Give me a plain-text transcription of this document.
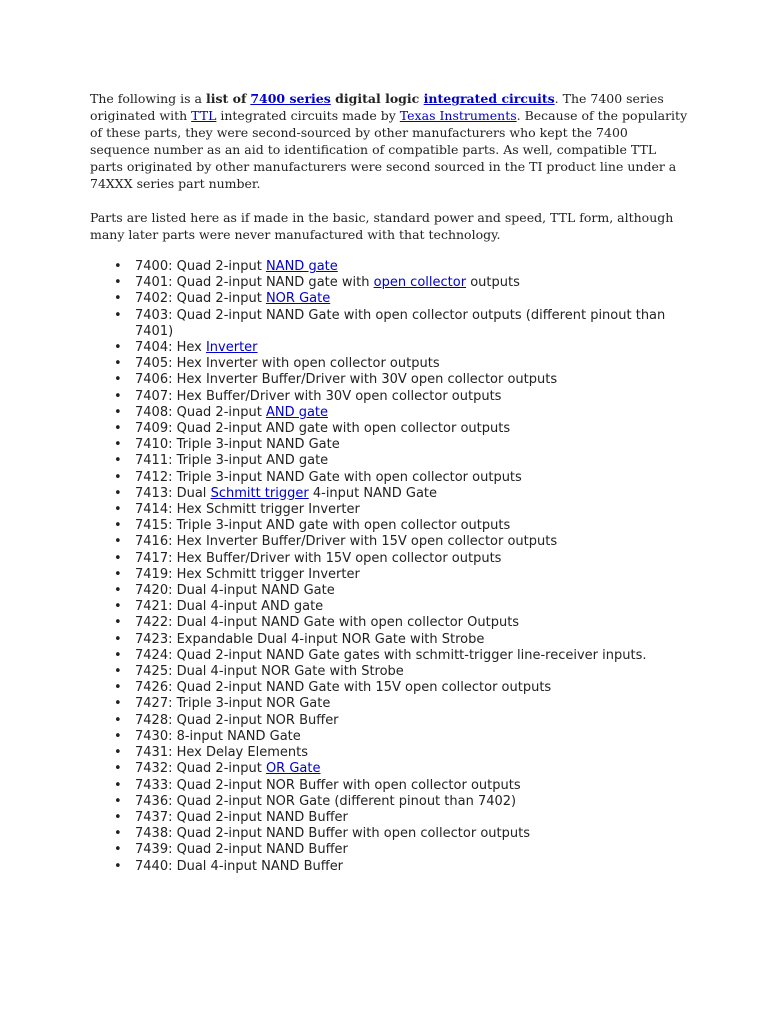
The following is a list of 7400 series digital logic integrated circuits. The 7400 series originated with TTL integrated circuits made by Texas Instruments. Because of the popularity of these parts, they were second-sourced by other manufacturers who kept the 7400 sequence number as an aid to identification of compatible parts. As well, compatible TTL parts originated by other manufacturers were second sourced in the TI product line under a 74XXX series part number.

Parts are listed here as if made in the basic, standard power and speed, TTL form, although many later parts were never manufactured with that technology.

• 7400: Quad 2-input NAND gate
• 7401: Quad 2-input NAND gate with open collector outputs
• 7402: Quad 2-input NOR Gate
• 7403: Quad 2-input NAND Gate with open collector outputs (different pinout than 7401)
• 7404: Hex Inverter
• 7405: Hex Inverter with open collector outputs
• 7406: Hex Inverter Buffer/Driver with 30V open collector outputs
• 7407: Hex Buffer/Driver with 30V open collector outputs
• 7408: Quad 2-input AND gate
• 7409: Quad 2-input AND gate with open collector outputs
• 7410: Triple 3-input NAND Gate
• 7411: Triple 3-input AND gate
• 7412: Triple 3-input NAND Gate with open collector outputs
• 7413: Dual Schmitt trigger 4-input NAND Gate
• 7414: Hex Schmitt trigger Inverter
• 7415: Triple 3-input AND gate with open collector outputs
• 7416: Hex Inverter Buffer/Driver with 15V open collector outputs
• 7417: Hex Buffer/Driver with 15V open collector outputs
• 7419: Hex Schmitt trigger Inverter
• 7420: Dual 4-input NAND Gate
• 7421: Dual 4-input AND gate
• 7422: Dual 4-input NAND Gate with open collector Outputs
• 7423: Expandable Dual 4-input NOR Gate with Strobe
• 7424: Quad 2-input NAND Gate gates with schmitt-trigger line-receiver inputs.
• 7425: Dual 4-input NOR Gate with Strobe
• 7426: Quad 2-input NAND Gate with 15V open collector outputs
• 7427: Triple 3-input NOR Gate
• 7428: Quad 2-input NOR Buffer
• 7430: 8-input NAND Gate
• 7431: Hex Delay Elements
• 7432: Quad 2-input OR Gate
• 7433: Quad 2-input NOR Buffer with open collector outputs
• 7436: Quad 2-input NOR Gate (different pinout than 7402)
• 7437: Quad 2-input NAND Buffer
• 7438: Quad 2-input NAND Buffer with open collector outputs
• 7439: Quad 2-input NAND Buffer
• 7440: Dual 4-input NAND Buffer
